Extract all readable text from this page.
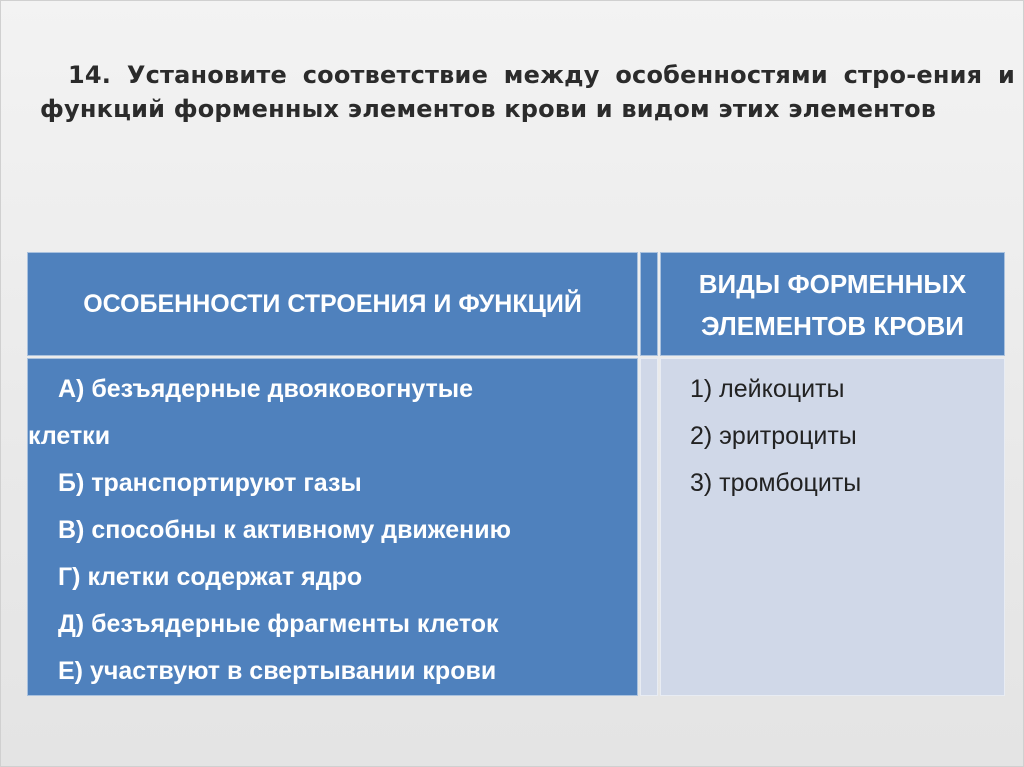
14. Установите соответствие между особенностями стро-ения и функций форменных элементов крови и видом этих элементов
ОСОБЕННОСТИ СТРОЕНИЯ И ФУНКЦИЙ
ВИДЫ ФОРМЕННЫХ
ЭЛЕМЕНТОВ КРОВИ
А) безъядерные двояковогнутые
клетки
Б) транспортируют газы
В) способны к активному движению
Г) клетки содержат ядро
Д) безъядерные фрагменты клеток
Е) участвуют в свертывании крови
1) лейкоциты
2) эритроциты
3) тромбоциты
